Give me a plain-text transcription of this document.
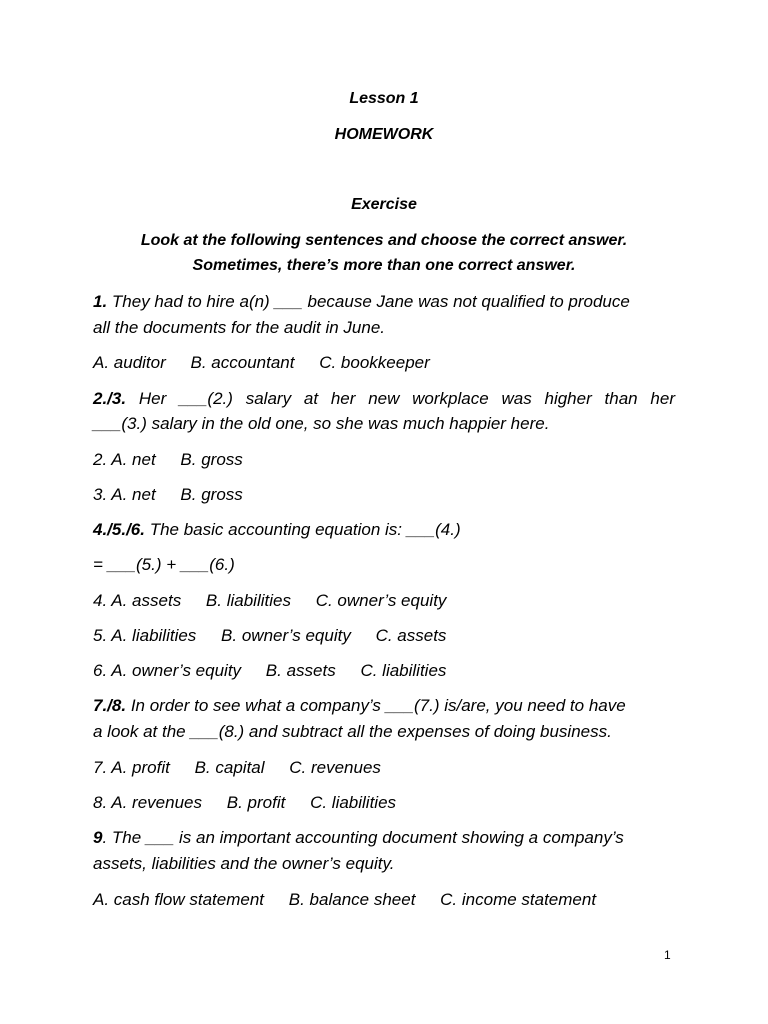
Lesson 1
HOMEWORK
Exercise
Look at the following sentences and choose the correct answer.
Sometimes, there’s more than one correct answer.
1. They had to hire a(n) ___ because Jane was not qualified to produce
all the documents for the audit in June.
A. auditor B. accountant C. bookkeeper
2./3. Her ___(2.) salary at her new workplace was higher than her
___(3.) salary in the old one, so she was much happier here.
2. A. net B. gross
3. A. net B. gross
4./5./6. The basic accounting equation is: ___(4.)
= ___(5.) + ___(6.)
4. A. assets B. liabilities C. owner’s equity
5. A. liabilities B. owner’s equity C. assets
6. A. owner’s equity B. assets C. liabilities
7./8. In order to see what a company’s ___(7.) is/are, you need to have
a look at the ___(8.) and subtract all the expenses of doing business.
7. A. profit B. capital C. revenues
8. A. revenues B. profit C. liabilities
9. The ___ is an important accounting document showing a company’s
assets, liabilities and the owner’s equity.
A. cash flow statement B. balance sheet C. income statement
1
